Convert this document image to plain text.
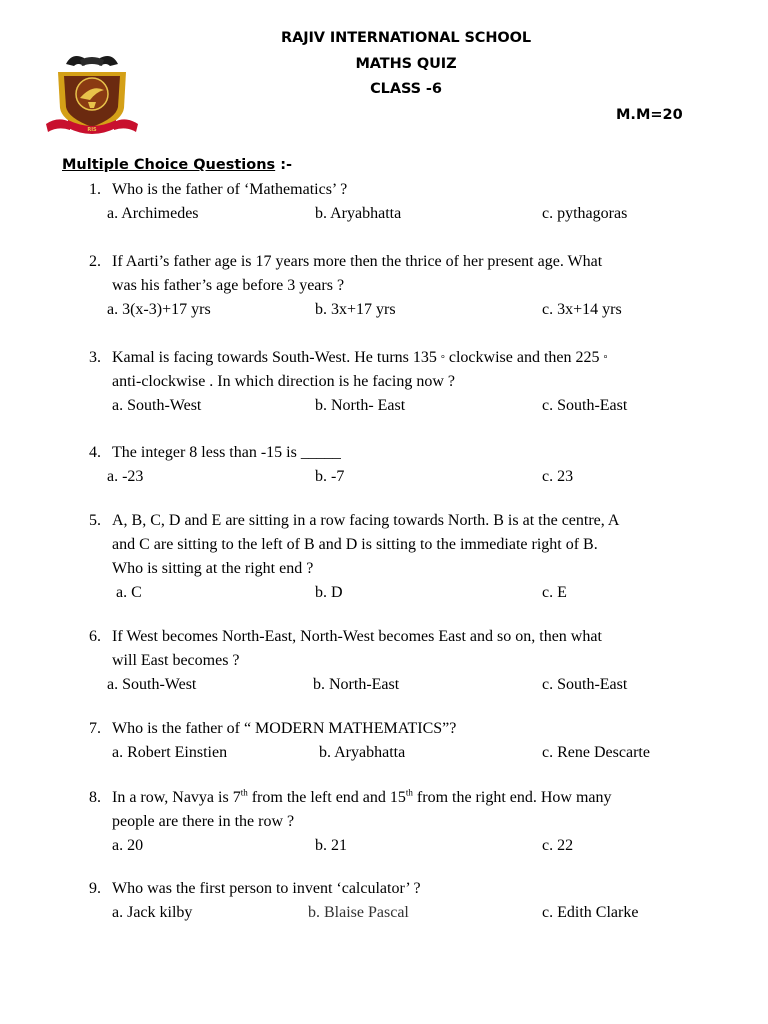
RAJIV INTERNATIONAL SCHOOL
MATHS QUIZ
CLASS -6
M.M=20
RIS
Multiple Choice Questions :-
1. Who is the father of ‘Mathematics’ ?
a. Archimedes	b. Aryabhatta	c. pythagoras
2. If Aarti’s father age is 17 years more then the thrice of her present age. What
was his father’s age before 3 years ?
a. 3(x-3)+17 yrs	b. 3x+17 yrs	c. 3x+14 yrs
3. Kamal is facing towards South-West. He turns 135 ° clockwise and then 225 °
anti-clockwise . In which direction is he facing now ?
a. South-West	b. North- East	c. South-East
4. The integer 8 less than -15 is _____
a. -23	b. -7	c. 23
5. A, B, C, D and E are sitting in a row facing towards North. B is at the centre, A
and C are sitting to the left of B and D is sitting to the immediate right of B.
Who is sitting at the right end ?
a. C	b. D	c. E
6. If West becomes North-East, North-West becomes East and so on, then what
will East becomes ?
a. South-West	b. North-East	c. South-East
7. Who is the father of “ MODERN MATHEMATICS”?
a. Robert Einstien	b. Aryabhatta	c. Rene Descarte
8. In a row, Navya is 7th from the left end and 15th from the right end. How many
people are there in the row ?
a. 20	b. 21	c. 22
9. Who was the first person to invent ‘calculator’ ?
a. Jack kilby	b. Blaise Pascal	c. Edith Clarke
